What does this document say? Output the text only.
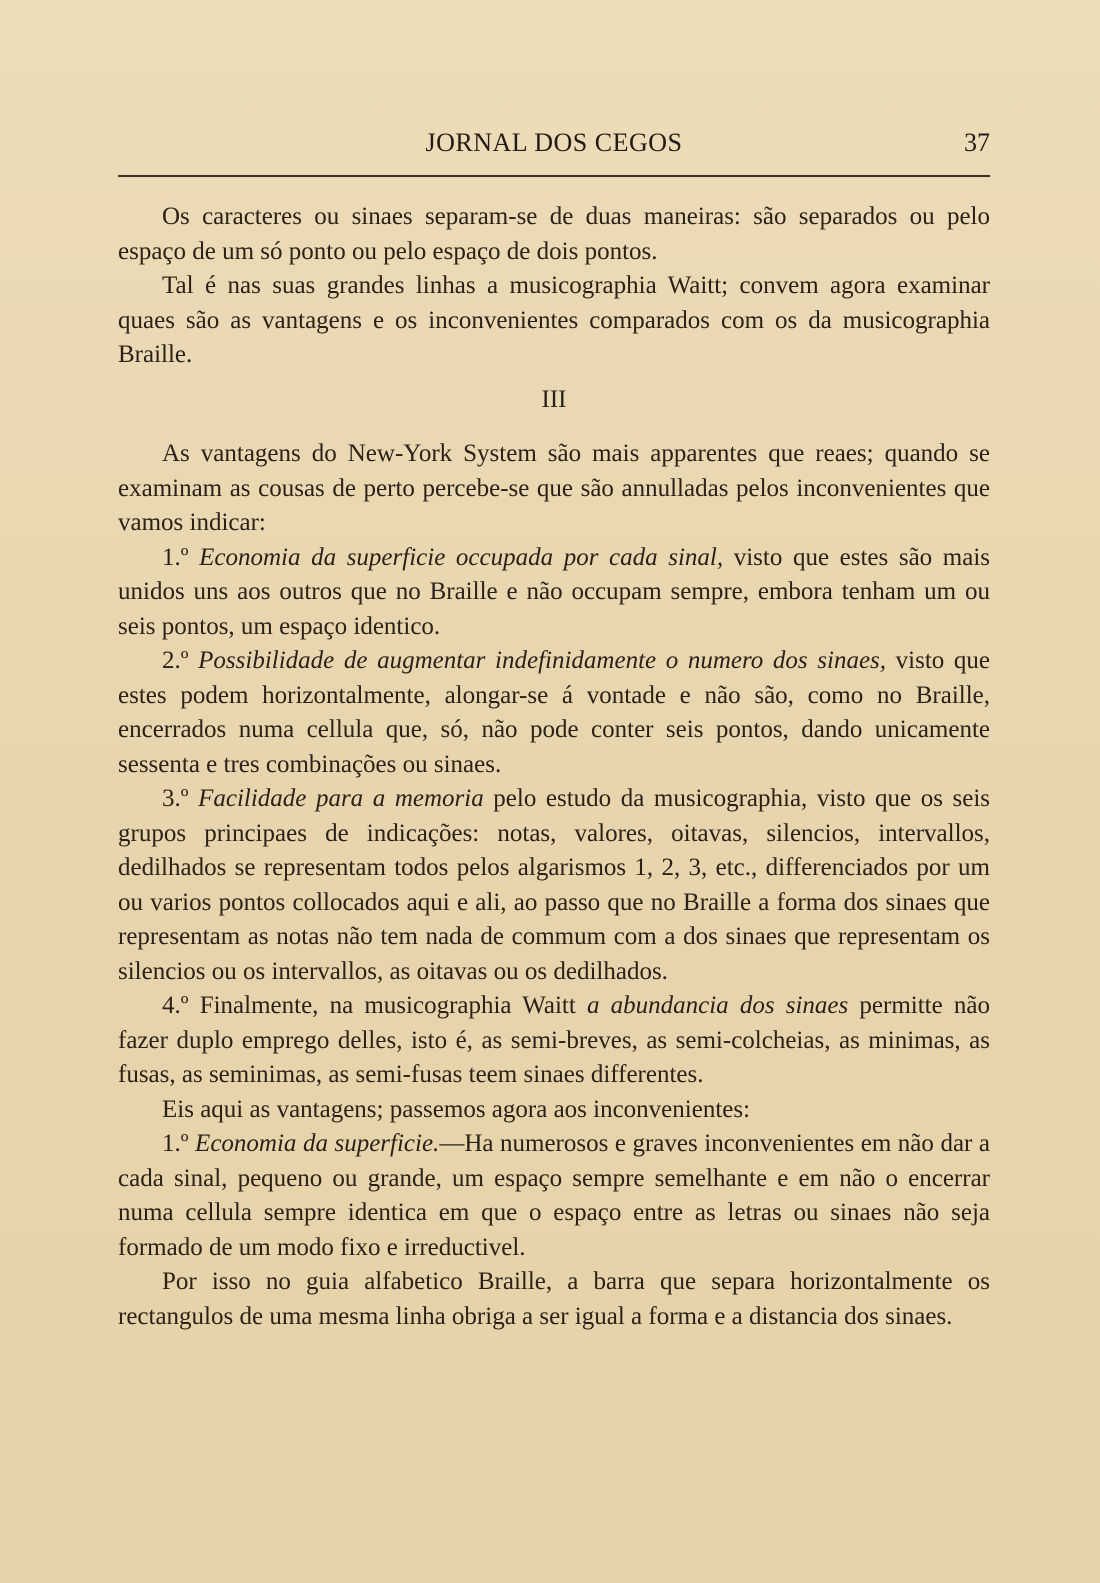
JORNAL DOS CEGOS	37

Os caracteres ou sinaes separam-se de duas maneiras: são separados ou pelo espaço de um só ponto ou pelo espaço de dois pontos.

Tal é nas suas grandes linhas a musicographia Waitt; convem agora examinar quaes são as vantagens e os inconvenientes comparados com os da musicographia Braille.

III

As vantagens do New-York System são mais apparentes que reaes; quando se examinam as cousas de perto percebe-se que são annulladas pelos inconvenientes que vamos indicar:

1.º Economia da superficie occupada por cada sinal, visto que estes são mais unidos uns aos outros que no Braille e não occupam sempre, embora tenham um ou seis pontos, um espaço identico.

2.º Possibilidade de augmentar indefinidamente o numero dos sinaes, visto que estes podem horizontalmente, alongar-se á vontade e não são, como no Braille, encerrados numa cellula que, só, não pode conter seis pontos, dando unicamente sessenta e tres combinações ou sinaes.

3.º Facilidade para a memoria pelo estudo da musicographia, visto que os seis grupos principaes de indicações: notas, valores, oitavas, silencios, intervallos, dedilhados se representam todos pelos algarismos 1, 2, 3, etc., differenciados por um ou varios pontos collocados aqui e ali, ao passo que no Braille a forma dos sinaes que representam as notas não tem nada de commum com a dos sinaes que representam os silencios ou os intervallos, as oitavas ou os dedilhados.

4.º Finalmente, na musicographia Waitt a abundancia dos sinaes permitte não fazer duplo emprego delles, isto é, as semi-breves, as semi-colcheias, as minimas, as fusas, as seminimas, as semi-fusas teem sinaes differentes.

Eis aqui as vantagens; passemos agora aos inconvenientes:

1.º Economia da superficie.—Ha numerosos e graves inconvenientes em não dar a cada sinal, pequeno ou grande, um espaço sempre semelhante e em não o encerrar numa cellula sempre identica em que o espaço entre as letras ou sinaes não seja formado de um modo fixo e irreductivel.

Por isso no guia alfabetico Braille, a barra que separa horizontalmente os rectangulos de uma mesma linha obriga a ser igual a forma e a distancia dos sinaes.
